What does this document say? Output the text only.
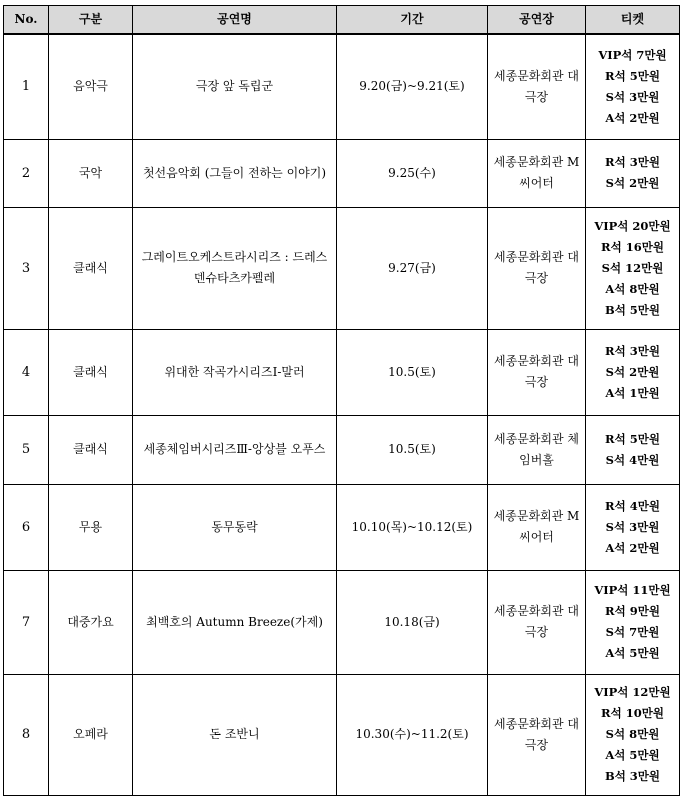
No.	구분	공연명	기간	공연장	티켓
1	음악극	극장 앞 독립군	9.20(금)~9.21(토)	세종문화회관 대극장	VIP석 7만원
R석 5만원
S석 3만원
A석 2만원

2	국악	첫선음악회 (그들이 전하는 이야기)	9.25(수)	세종문화회관 M씨어터	R석 3만원
S석 2만원

3	클래식	그레이트오케스트라시리즈 : 드레스덴슈타츠카펠레	9.27(금)	세종문화회관 대극장	VIP석 20만원
R석 16만원
S석 12만원
A석 8만원
B석 5만원

4	클래식	위대한 작곡가시리즈Ⅰ-말러	10.5(토)	세종문화회관 대극장	R석 3만원
S석 2만원
A석 1만원

5	클래식	세종체임버시리즈Ⅲ-앙상블 오푸스	10.5(토)	세종문화회관 체임버홀	R석 5만원
S석 4만원

6	무용	동무동락	10.10(목)~10.12(토)	세종문화회관 M씨어터	R석 4만원
S석 3만원
A석 2만원

7	대중가요	최백호의 Autumn Breeze(가제)	10.18(금)	세종문화회관 대극장	VIP석 11만원
R석 9만원
S석 7만원
A석 5만원

8	오페라	돈 조반니	10.30(수)~11.2(토)	세종문화회관 대극장	VIP석 12만원
R석 10만원
S석 8만원
A석 5만원
B석 3만원
